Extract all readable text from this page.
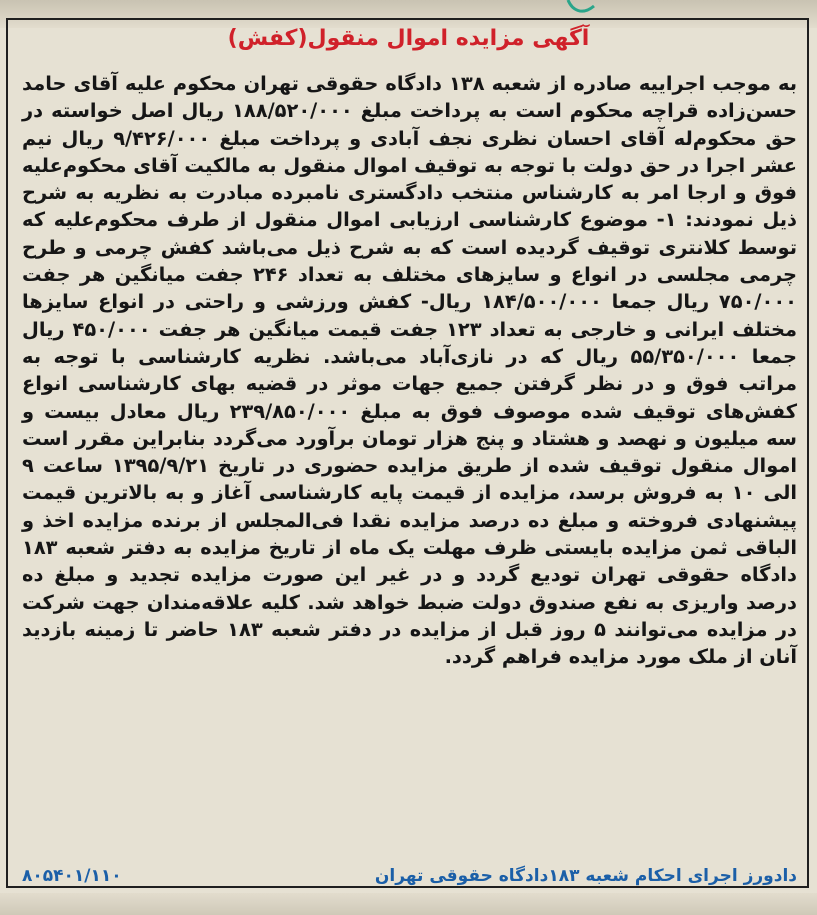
آگهی مزایده اموال منقول(کفش)

به موجب اجراییه صادره از شعبه ۱۳۸ دادگاه حقوقی تهران محکوم علیه آقای حامد حسن‌زاده قراچه محکوم است به پرداخت مبلغ ۱۸۸/۵۲۰/۰۰۰ ریال اصل خواسته در حق محکوم‌له آقای احسان نظری نجف آبادی و پرداخت مبلغ ۹/۴۲۶/۰۰۰ ریال نیم عشر اجرا در حق دولت با توجه به توقیف اموال منقول به مالکیت آقای محکوم‌علیه فوق و ارجا امر به کارشناس منتخب دادگستری نامبرده مبادرت به نظریه به شرح ذیل نمودند: ۱- موضوع کارشناسی ارزیابی اموال منقول از طرف محکوم‌علیه که توسط کلانتری توقیف گردیده است که به شرح ذیل می‌باشد کفش چرمی و طرح چرمی مجلسی در انواع و سایزهای مختلف به تعداد ۲۴۶ جفت میانگین هر جفت ۷۵۰/۰۰۰ ریال جمعا ۱۸۴/۵۰۰/۰۰۰ ریال- کفش ورزشی و راحتی در انواع سایزها مختلف ایرانی و خارجی به تعداد ۱۲۳ جفت قیمت میانگین هر جفت ۴۵۰/۰۰۰ ریال جمعا ۵۵/۳۵۰/۰۰۰ ریال که در نازی‌آباد می‌باشد. نظریه کارشناسی با توجه به مراتب فوق و در نظر گرفتن جمیع جهات موثر در قضیه بهای کارشناسی انواع کفش‌های توقیف شده موصوف فوق به مبلغ ۲۳۹/۸۵۰/۰۰۰ ریال معادل بیست و سه میلیون و نهصد و هشتاد و پنج هزار تومان برآورد می‌گردد بنابراین مقرر است اموال منقول توقیف شده از طریق مزایده حضوری در تاریخ ۱۳۹۵/۹/۲۱ ساعت ۹ الی ۱۰ به فروش برسد، مزایده از قیمت پایه کارشناسی آغاز و به بالاترین قیمت پیشنهادی فروخته و مبلغ ده درصد مزایده نقدا فی‌المجلس از برنده مزایده اخذ و الباقی ثمن مزایده بایستی ظرف مهلت یک ماه از تاریخ مزایده به دفتر شعبه ۱۸۳ دادگاه حقوقی تهران تودیع گردد و در غیر این صورت مزایده تجدید و مبلغ ده درصد واریزی به نفع صندوق دولت ضبط خواهد شد. کلیه علاقه‌مندان جهت شرکت در مزایده می‌توانند ۵ روز قبل از مزایده در دفتر شعبه ۱۸۳ حاضر تا زمینه بازدید آنان از ملک مورد مزایده فراهم گردد.

دادورز اجرای احکام شعبه ۱۸۳دادگاه حقوقی تهران
۸۰۵۴۰۱/۱۱۰
